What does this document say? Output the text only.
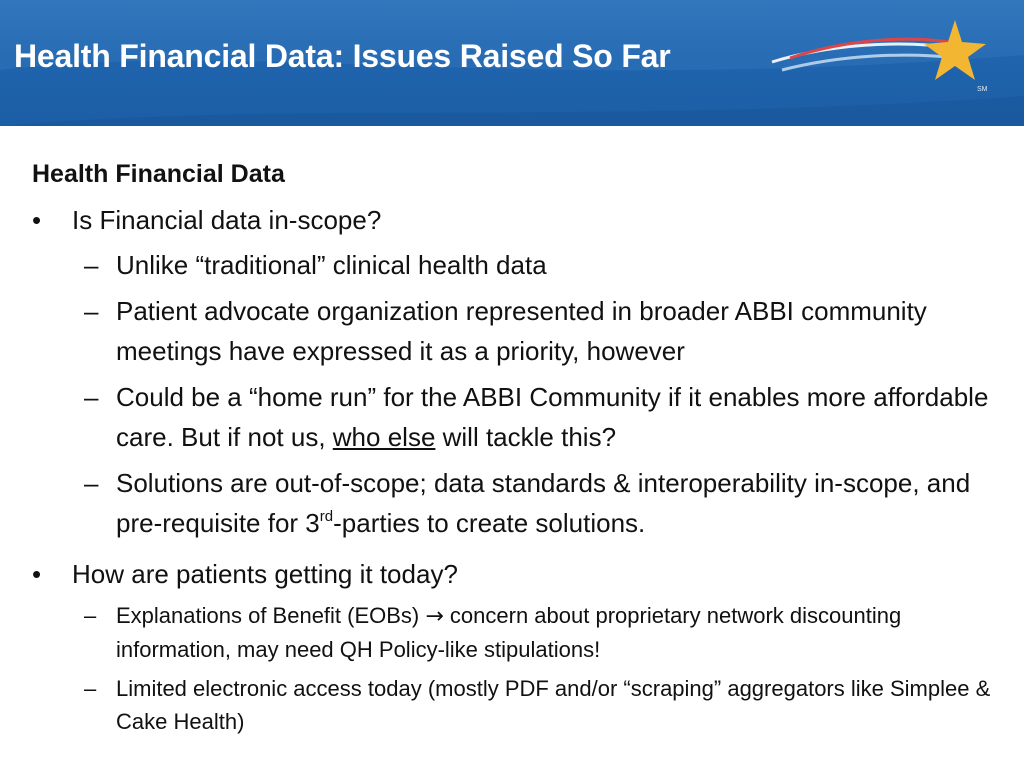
Health Financial Data: Issues Raised So Far
SM
Health Financial Data
•	Is Financial data in-scope?
– Unlike “traditional” clinical health data
– Patient advocate organization represented in broader ABBI community meetings have expressed it as a priority, however
– Could be a “home run” for the ABBI Community if it enables more affordable care. But if not us, who else will tackle this?
– Solutions are out-of-scope; data standards & interoperability in-scope, and pre-requisite for 3rd-parties to create solutions.
•	How are patients getting it today?
– Explanations of Benefit (EOBs) → concern about proprietary network discounting information, may need QH Policy-like stipulations!
– Limited electronic access today (mostly PDF and/or “scraping” aggregators like Simplee & Cake Health)
